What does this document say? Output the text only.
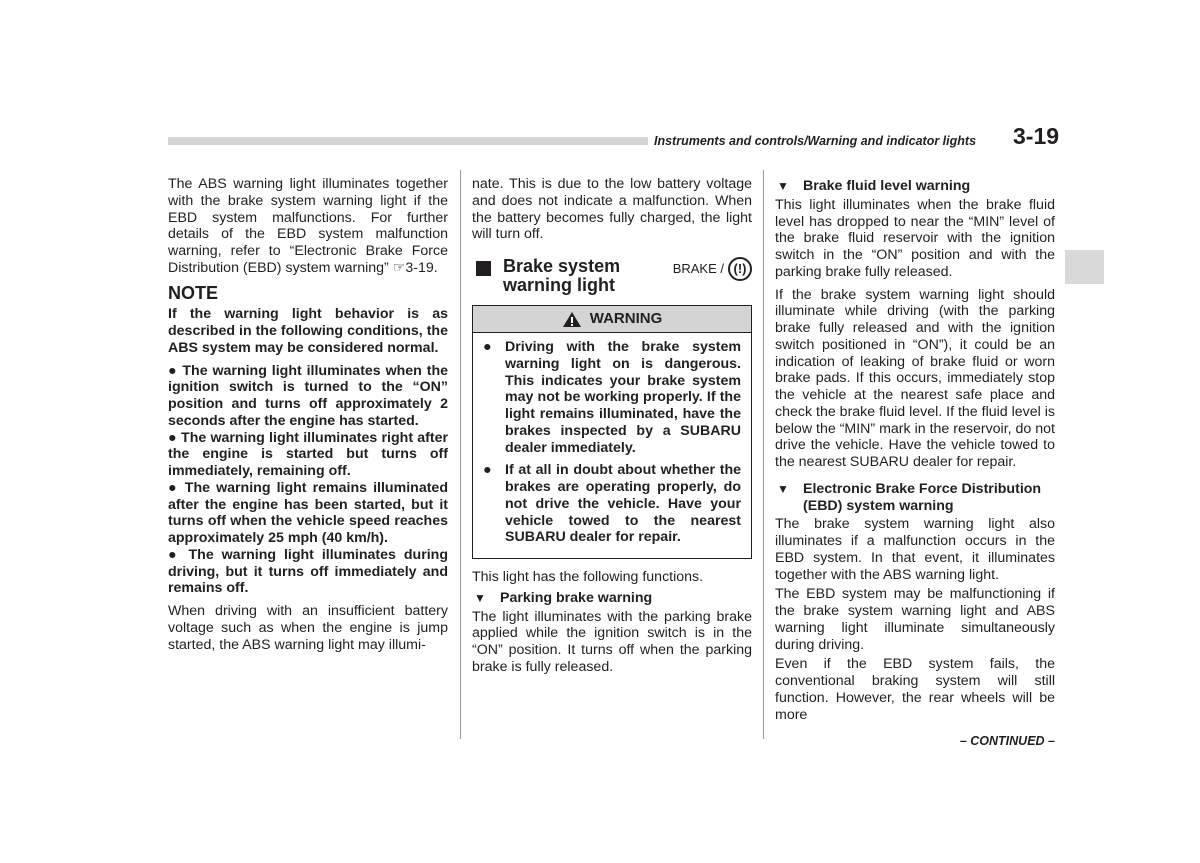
Instruments and controls/Warning and indicator lights 3-19

The ABS warning light illuminates together with the brake system warning light if the EBD system malfunctions. For further details of the EBD system malfunction warning, refer to “Electronic Brake Force Distribution (EBD) system warning” ☞3-19.

NOTE

If the warning light behavior is as described in the following conditions, the ABS system may be considered normal.

● The warning light illuminates when the ignition switch is turned to the “ON” position and turns off approximately 2 seconds after the engine has started.

● The warning light illuminates right after the engine is started but turns off immediately, remaining off.

● The warning light remains illuminated after the engine has been started, but it turns off when the vehicle speed reaches approximately 25 mph (40 km/h).

● The warning light illuminates during driving, but it turns off immediately and remains off.

When driving with an insufficient battery voltage such as when the engine is jump started, the ABS warning light may illumi-

nate. This is due to the low battery voltage and does not indicate a malfunction. When the battery becomes fully charged, the light will turn off.

Brake system
warning light
BRAKE / (!)
WARNING
● Driving with the brake system warning light on is dangerous. This indicates your brake system may not be working properly. If the light remains illuminated, have the brakes inspected by a SUBARU dealer immediately.

● If at all in doubt about whether the brakes are operating properly, do not drive the vehicle. Have your vehicle towed to the nearest SUBARU dealer for repair.

This light has the following functions.

▼ Parking brake warning

The light illuminates with the parking brake applied while the ignition switch is in the “ON” position. It turns off when the parking brake is fully released.

▼ Brake fluid level warning

This light illuminates when the brake fluid level has dropped to near the “MIN” level of the brake fluid reservoir with the ignition switch in the “ON” position and with the parking brake fully released.

If the brake system warning light should illuminate while driving (with the parking brake fully released and with the ignition switch positioned in “ON”), it could be an indication of leaking of brake fluid or worn brake pads. If this occurs, immediately stop the vehicle at the nearest safe place and check the brake fluid level. If the fluid level is below the “MIN” mark in the reservoir, do not drive the vehicle. Have the vehicle towed to the nearest SUBARU dealer for repair.

▼ Electronic Brake Force Distribution
(EBD) system warning

The brake system warning light also illuminates if a malfunction occurs in the EBD system. In that event, it illuminates together with the ABS warning light.

The EBD system may be malfunctioning if the brake system warning light and ABS warning light illuminate simultaneously during driving.

Even if the EBD system fails, the conventional braking system will still function. However, the rear wheels will be more

– CONTINUED –
